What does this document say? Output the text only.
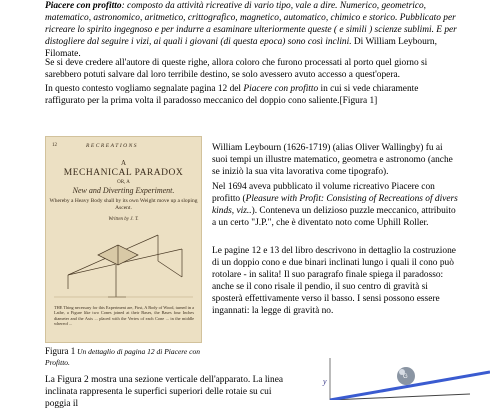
Piacere con profitto: composto da attività ricreative di vario tipo, vale a dire. Numerico, geometrico, matematico, astronomico, aritmetico, crittografico, magnetico, automatico, chimico e storico. Pubblicato per ricreare lo spirito ingegnoso e per indurre a esaminare ulteriormente queste ( e simili ) scienze sublimi. E per distogliere dal seguire i vizi, ai quali i giovani (di questa epoca) sono così inclini. Di William Leybourn, Filomate.

Se si deve credere all'autore di queste righe, allora coloro che furono processati al porto quel giorno si sarebbero potuti salvare dal loro terribile destino, se solo avessero avuto accesso a quest'opera.

In questo contesto vogliamo segnalate pagina 12 del Piacere con profitto in cui si vede chiaramente raffigurato per la prima volta il paradosso meccanico del doppio cono saliente.[Figura 1]

12	RECREATIONS
A
MECHANICAL PARADOX
OR, A
New and Diverting Experiment.
Whereby a Heavy Body shall by its own Weight move up a sloping Ascent.
Written by J. T.
THE Thing necessary for this Experiment are, First, A Body of Wood, turned in a Lathe, a Figure like two Cones joined at their Bases, the Bases four Inches diameter and the Axis ... placed with the Vertex of each Cone ... in the middle whereof ...
Figura 1 Un dettaglio di pagina 12 di Piacere con Profitto.

William Leybourn (1626-1719) (alias Oliver Wallingby) fu ai suoi tempi un illustre matematico, geometra e astronomo (anche se iniziò la sua vita lavorativa come tipografo).

Nel 1694 aveva pubblicato il volume ricreativo Piacere con profitto (Pleasure with Profit: Consisting of Recreations of divers kinds, viz..). Conteneva un delizioso puzzle meccanico, attribuito a un certo "J.P.", che è diventato noto come Uphill Roller.

Le pagine 12 e 13 del libro descrivono in dettaglio la costruzione di un doppio cono e due binari inclinati lungo i quali il cono può rotolare - in salita! Il suo paragrafo finale spiega il paradosso: anche se il cono risale il pendio, il suo centro di gravità si sposterà effettivamente verso il basso. I sensi possono essere ingannati: la legge di gravità no.

La Figura 2 mostra una sezione verticale dell'apparato. La linea inclinata rappresenta le superfici superiori delle rotaie su cui poggia il

y	G
